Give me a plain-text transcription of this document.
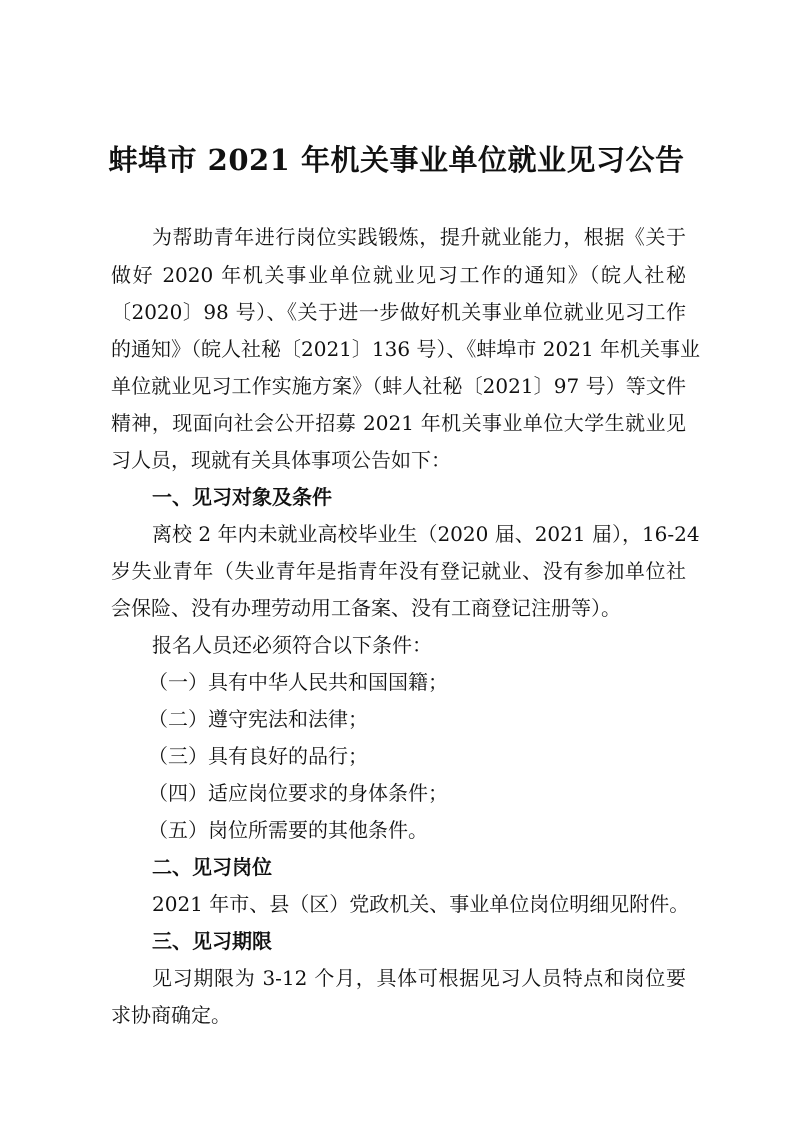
蚌埠市 2021 年机关事业单位就业见习公告
为帮助青年进行岗位实践锻炼，提升就业能力，根据《关于
做好 2020 年机关事业单位就业见习工作的通知》（皖人社秘
〔2020〕98 号）、《关于进一步做好机关事业单位就业见习工作
的通知》（皖人社秘〔2021〕136 号）、《蚌埠市 2021 年机关事业
单位就业见习工作实施方案》（蚌人社秘〔2021〕97 号）等文件
精神，现面向社会公开招募 2021 年机关事业单位大学生就业见
习人员，现就有关具体事项公告如下：
一、见习对象及条件
离校 2 年内未就业高校毕业生（2020 届、2021 届），16-24
岁失业青年（失业青年是指青年没有登记就业、没有参加单位社
会保险、没有办理劳动用工备案、没有工商登记注册等）。
报名人员还必须符合以下条件：
（一）具有中华人民共和国国籍；
（二）遵守宪法和法律；
（三）具有良好的品行；
（四）适应岗位要求的身体条件；
（五）岗位所需要的其他条件。
二、见习岗位
2021 年市、县（区）党政机关、事业单位岗位明细见附件。
三、见习期限
见习期限为 3-12 个月，具体可根据见习人员特点和岗位要
求协商确定。
